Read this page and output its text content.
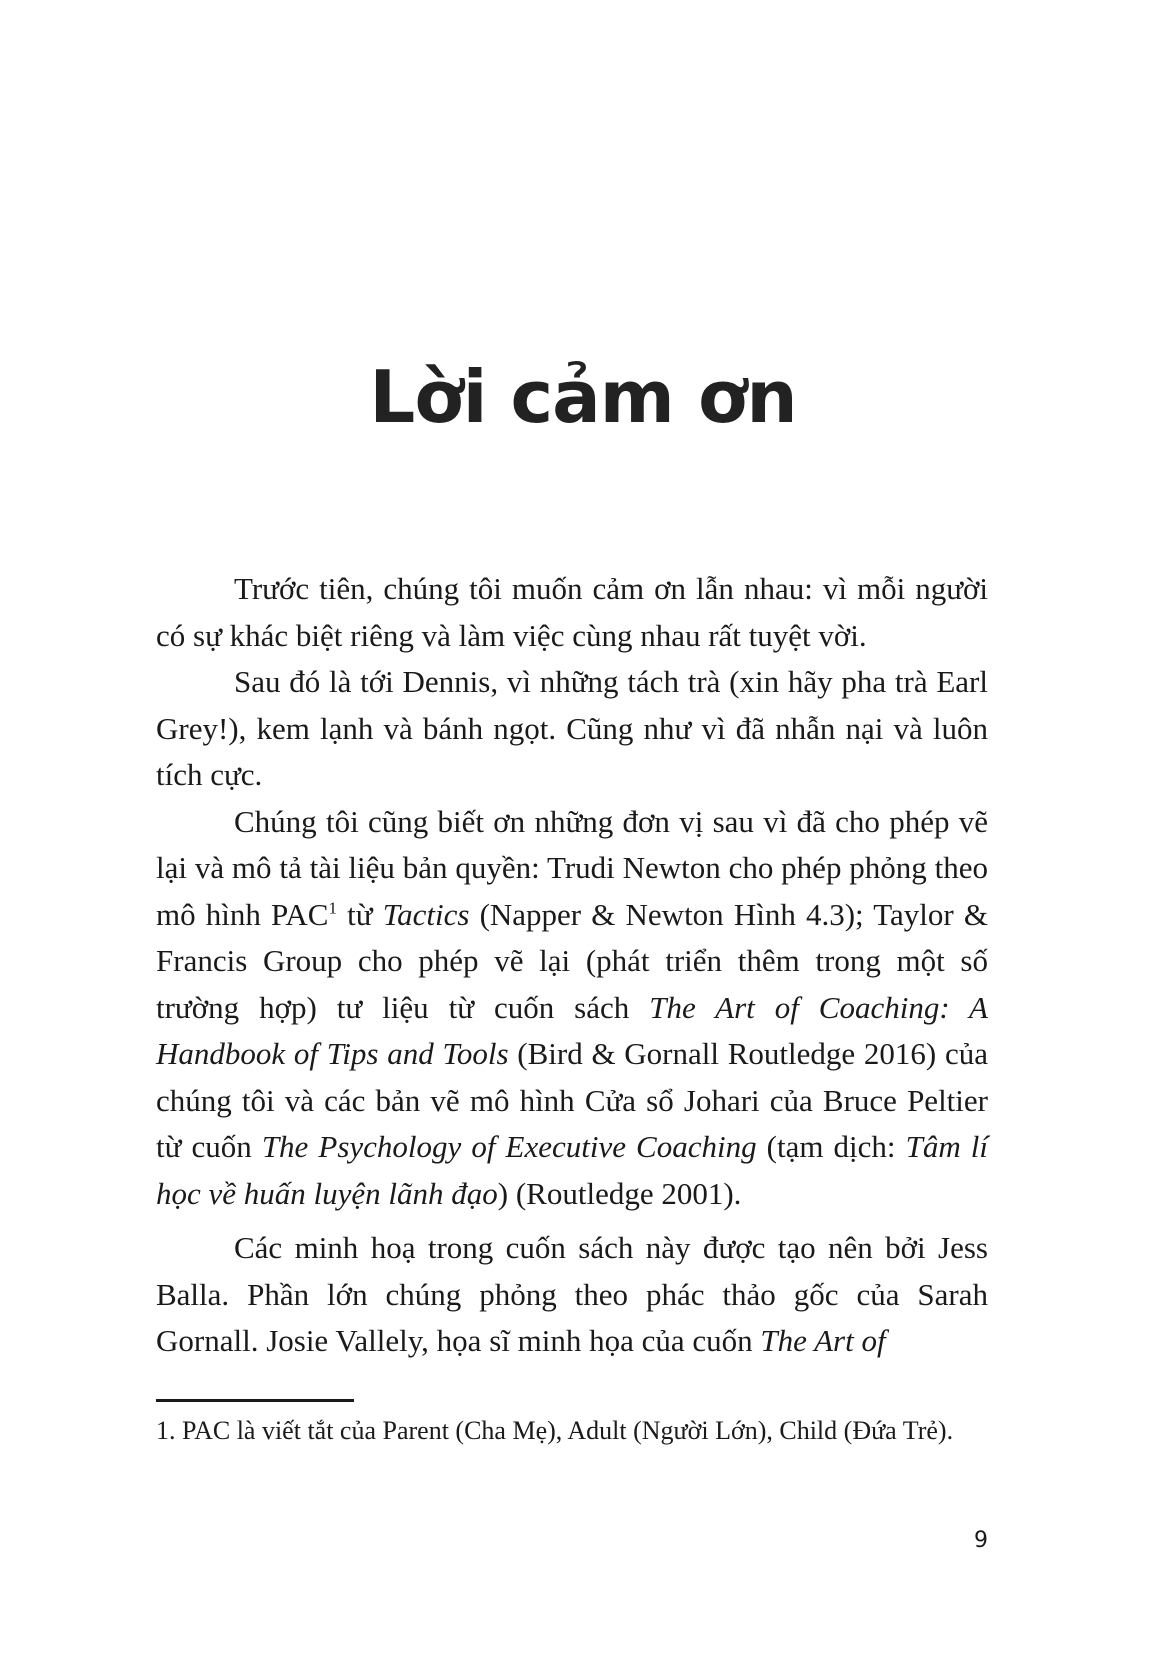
Lời cảm ơn

Trước tiên, chúng tôi muốn cảm ơn lẫn nhau: vì mỗi người có sự khác biệt riêng và làm việc cùng nhau rất tuyệt vời.

Sau đó là tới Dennis, vì những tách trà (xin hãy pha trà Earl Grey!), kem lạnh và bánh ngọt. Cũng như vì đã nhẫn nại và luôn tích cực.

Chúng tôi cũng biết ơn những đơn vị sau vì đã cho phép vẽ lại và mô tả tài liệu bản quyền: Trudi Newton cho phép phỏng theo mô hình PAC$^1$ từ Tactics (Napper & Newton Hình 4.3); Taylor & Francis Group cho phép vẽ lại (phát triển thêm trong một số trường hợp) tư liệu từ cuốn sách The Art of Coaching: A Handbook of Tips and Tools (Bird & Gornall Routledge 2016) của chúng tôi và các bản vẽ mô hình Cửa sổ Johari của Bruce Peltier từ cuốn The Psychology of Executive Coaching (tạm dịch: Tâm lí học về huấn luyện lãnh đạo) (Routledge 2001).

Các minh hoạ trong cuốn sách này được tạo nên bởi Jess Balla. Phần lớn chúng phỏng theo phác thảo gốc của Sarah Gornall. Josie Vallely, họa sĩ minh họa của cuốn The Art of

1. PAC là viết tắt của Parent (Cha Mẹ), Adult (Người Lớn), Child (Đứa Trẻ).

9
